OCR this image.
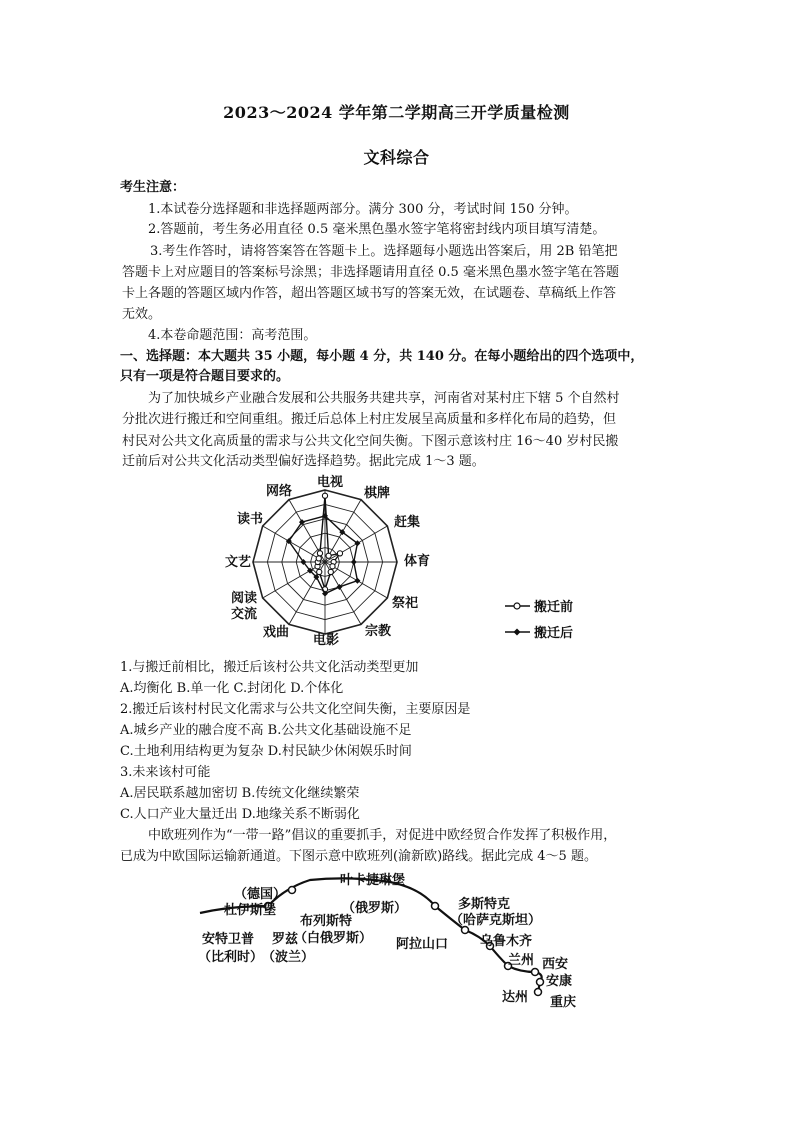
2023～2024 学年第二学期高三开学质量检测
文科综合
考生注意：
1.本试卷分选择题和非选择题两部分。满分 300 分，考试时间 150 分钟。
2.答题前，考生务必用直径 0.5 毫米黑色墨水签字笔将密封线内项目填写清楚。
3.考生作答时，请将答案答在答题卡上。选择题每小题选出答案后，用 2B 铅笔把
答题卡上对应题目的答案标号涂黑；非选择题请用直径 0.5 毫米黑色墨水签字笔在答题
卡上各题的答题区域内作答，超出答题区域书写的答案无效，在试题卷、草稿纸上作答
无效。
4.本卷命题范围：高考范围。
一、选择题：本大题共 35 小题，每小题 4 分，共 140 分。在每小题给出的四个选项中，
只有一项是符合题目要求的。
为了加快城乡产业融合发展和公共服务共建共享，河南省对某村庄下辖 5 个自然村
分批次进行搬迁和空间重组。搬迁后总体上村庄发展呈高质量和多样化布局的趋势，但
村民对公共文化高质量的需求与公共文化空间失衡。下图示意该村庄 16～40 岁村民搬
迁前后对公共文化活动类型偏好选择趋势。据此完成 1～3 题。
电视
棋牌
赶集
体育
祭祀
宗教
电影
戏曲
阅读
交流
文艺
读书
网络
搬迁前
搬迁后
1.与搬迁前相比，搬迁后该村公共文化活动类型更加
A.均衡化 B.单一化 C.封闭化 D.个体化
2.搬迁后该村村民文化需求与公共文化空间失衡，主要原因是
A.城乡产业的融合度不高 B.公共文化基础设施不足
C.土地利用结构更为复杂 D.村民缺少休闲娱乐时间
3.未来该村可能
A.居民联系越加密切 B.传统文化继续繁荣
C.人口产业大量迁出 D.地缘关系不断弱化
中欧班列作为“一带一路”倡议的重要抓手，对促进中欧经贸合作发挥了积极作用，
已成为中欧国际运输新通道。下图示意中欧班列(渝新欧)路线。据此完成 4～5 题。
（德国）
杜伊斯堡
安特卫普
（比利时）
罗兹
（波兰）
布列斯特
（白俄罗斯）
叶卡捷琳堡
（俄罗斯）	多斯特克
（哈萨克斯坦）
阿拉山口 乌鲁木齐
兰州 西安
安康
达州 重庆
